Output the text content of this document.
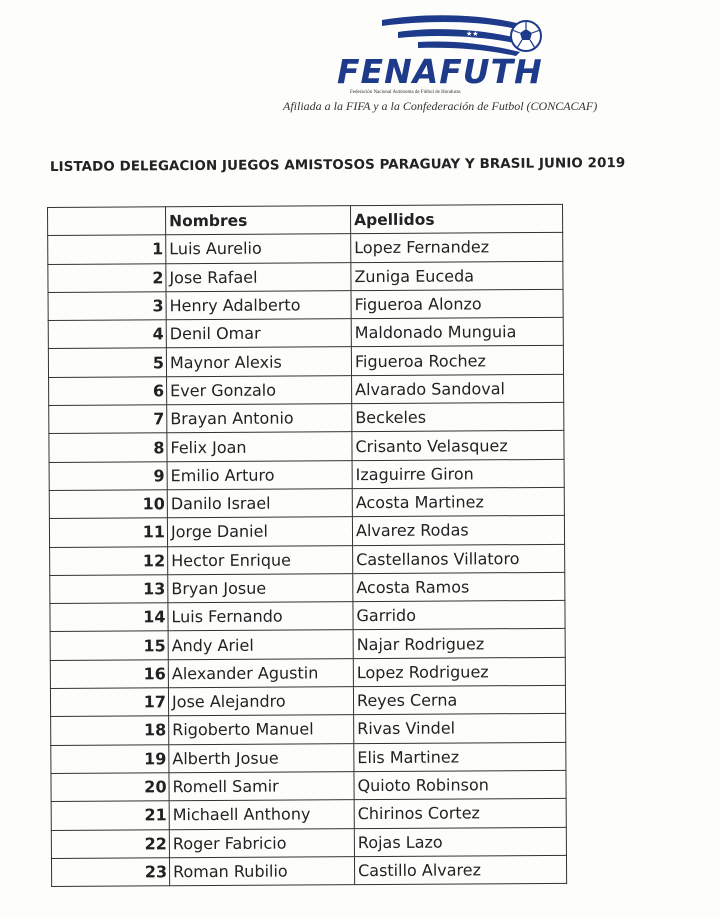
★★
FENAFUTH
Federación Nacional Autónoma de Fútbol de Honduras
Afiliada a la FIFA y a la Confederación de Futbol (CONCACAF)
LISTADO DELEGACION JUEGOS AMISTOSOS PARAGUAY Y BRASIL JUNIO 2019
	Nombres	Apellidos
1	Luis Aurelio	Lopez Fernandez
2	Jose Rafael	Zuniga Euceda
3	Henry Adalberto	Figueroa Alonzo
4	Denil Omar	Maldonado Munguia
5	Maynor Alexis	Figueroa Rochez
6	Ever Gonzalo	Alvarado Sandoval
7	Brayan Antonio	Beckeles
8	Felix Joan	Crisanto Velasquez
9	Emilio Arturo	Izaguirre Giron
10	Danilo Israel	Acosta Martinez
11	Jorge Daniel	Alvarez Rodas
12	Hector Enrique	Castellanos Villatoro
13	Bryan Josue	Acosta Ramos
14	Luis Fernando	Garrido
15	Andy Ariel	Najar Rodriguez
16	Alexander Agustin	Lopez Rodriguez
17	Jose Alejandro	Reyes Cerna
18	Rigoberto Manuel	Rivas Vindel
19	Alberth Josue	Elis Martinez
20	Romell Samir	Quioto Robinson
21	Michaell Anthony	Chirinos Cortez
22	Roger Fabricio	Rojas Lazo
23	Roman Rubilio	Castillo Alvarez
